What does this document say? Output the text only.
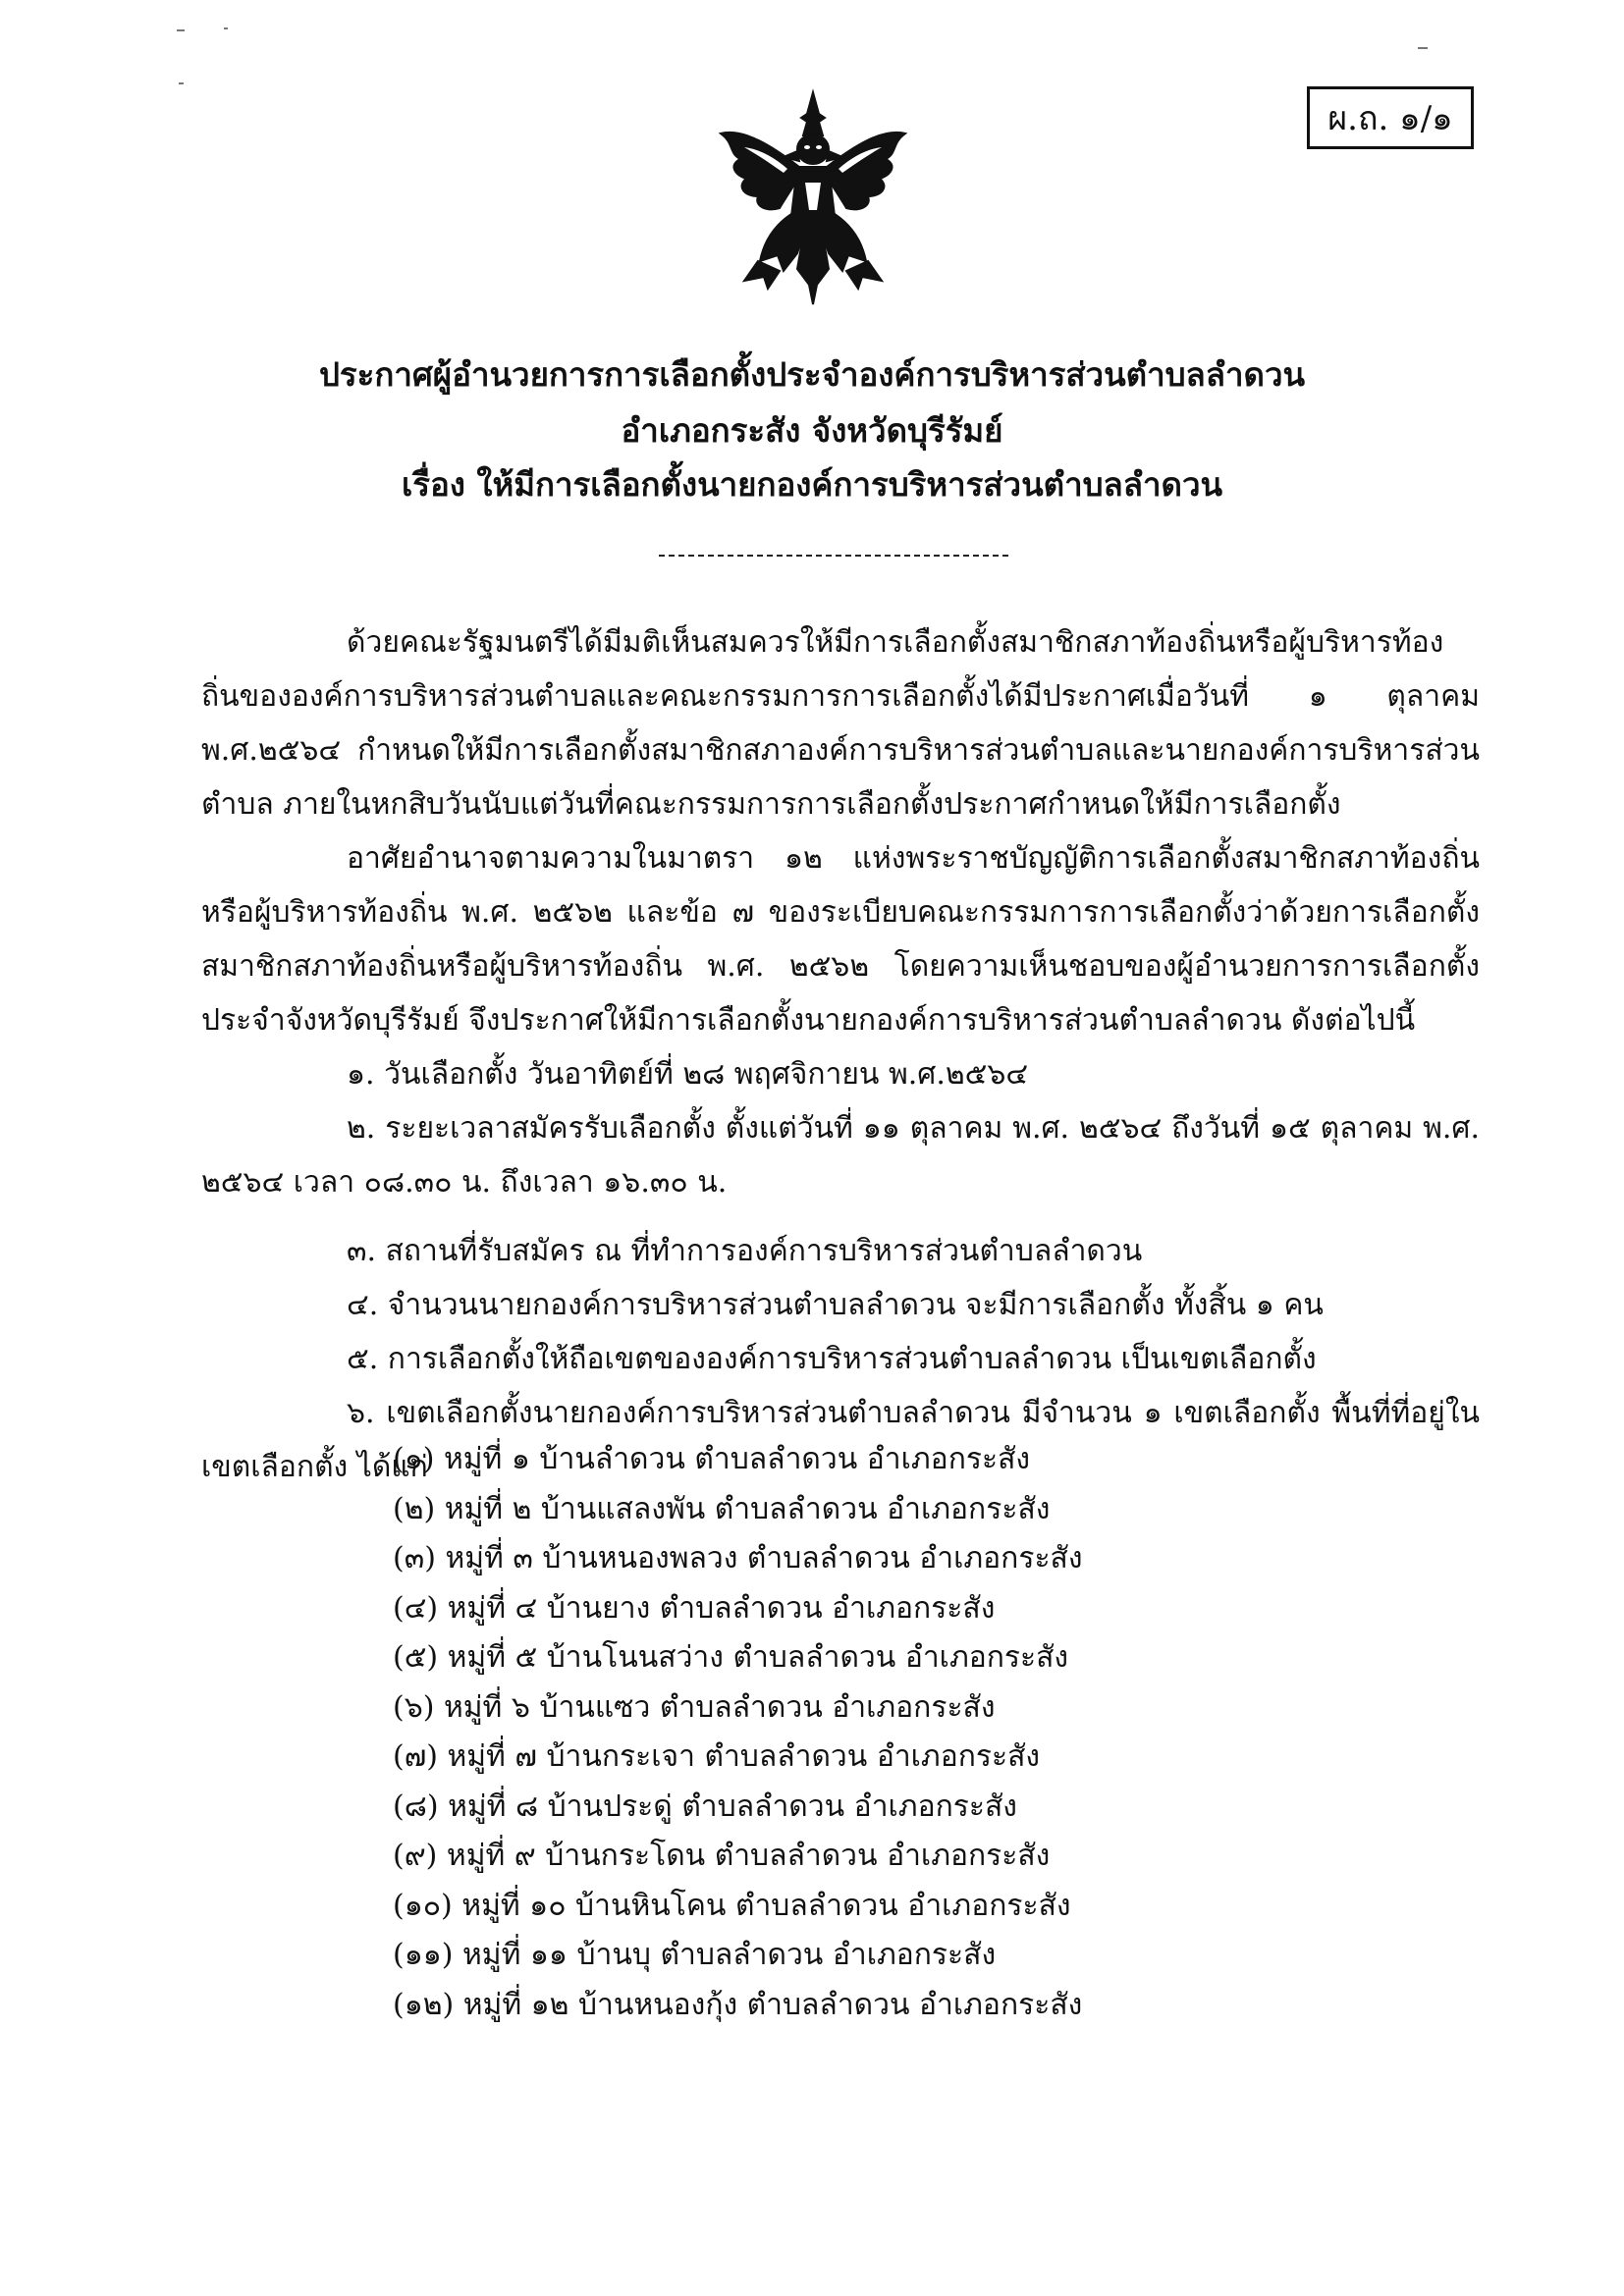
ผ.ถ. ๑/๑
ประกาศผู้อำนวยการการเลือกตั้งประจำองค์การบริหารส่วนตำบลลำดวน
อำเภอกระสัง จังหวัดบุรีรัมย์
เรื่อง ให้มีการเลือกตั้งนายกองค์การบริหารส่วนตำบลลำดวน

ด้วยคณะรัฐมนตรีได้มีมติเห็นสมควรให้มีการเลือกตั้งสมาชิกสภาท้องถิ่นหรือผู้บริหารท้องถิ่นขององค์การบริหารส่วนตำบลและคณะกรรมการการเลือกตั้งได้มีประกาศเมื่อวันที่ ๑ ตุลาคม พ.ศ.๒๕๖๔ กำหนดให้มีการเลือกตั้งสมาชิกสภาองค์การบริหารส่วนตำบลและนายกองค์การบริหารส่วนตำบล ภายในหกสิบวันนับแต่วันที่คณะกรรมการการเลือกตั้งประกาศกำหนดให้มีการเลือกตั้ง

อาศัยอำนาจตามความในมาตรา ๑๒ แห่งพระราชบัญญัติการเลือกตั้งสมาชิกสภาท้องถิ่นหรือผู้บริหารท้องถิ่น พ.ศ. ๒๕๖๒ และข้อ ๗ ของระเบียบคณะกรรมการการเลือกตั้งว่าด้วยการเลือกตั้งสมาชิกสภาท้องถิ่นหรือผู้บริหารท้องถิ่น พ.ศ. ๒๕๖๒ โดยความเห็นชอบของผู้อำนวยการการเลือกตั้งประจำจังหวัดบุรีรัมย์ จึงประกาศให้มีการเลือกตั้งนายกองค์การบริหารส่วนตำบลลำดวน ดังต่อไปนี้

๑. วันเลือกตั้ง วันอาทิตย์ที่ ๒๘ พฤศจิกายน พ.ศ.๒๕๖๔

๒. ระยะเวลาสมัครรับเลือกตั้ง ตั้งแต่วันที่ ๑๑ ตุลาคม พ.ศ. ๒๕๖๔ ถึงวันที่ ๑๕ ตุลาคม พ.ศ. ๒๕๖๔ เวลา ๐๘.๓๐ น. ถึงเวลา ๑๖.๓๐ น.

๓. สถานที่รับสมัคร ณ ที่ทำการองค์การบริหารส่วนตำบลลำดวน

๔. จำนวนนายกองค์การบริหารส่วนตำบลลำดวน จะมีการเลือกตั้ง ทั้งสิ้น ๑ คน

๕. การเลือกตั้งให้ถือเขตขององค์การบริหารส่วนตำบลลำดวน เป็นเขตเลือกตั้ง

๖. เขตเลือกตั้งนายกองค์การบริหารส่วนตำบลลำดวน มีจำนวน ๑ เขตเลือกตั้ง พื้นที่ที่อยู่ในเขตเลือกตั้ง ได้แก่

(๑) หมู่ที่ ๑ บ้านลำดวน ตำบลลำดวน อำเภอกระสัง
(๒) หมู่ที่ ๒ บ้านแสลงพัน ตำบลลำดวน อำเภอกระสัง
(๓) หมู่ที่ ๓ บ้านหนองพลวง ตำบลลำดวน อำเภอกระสัง
(๔) หมู่ที่ ๔ บ้านยาง ตำบลลำดวน อำเภอกระสัง
(๕) หมู่ที่ ๕ บ้านโนนสว่าง ตำบลลำดวน อำเภอกระสัง
(๖) หมู่ที่ ๖ บ้านแซว ตำบลลำดวน อำเภอกระสัง
(๗) หมู่ที่ ๗ บ้านกระเจา ตำบลลำดวน อำเภอกระสัง
(๘) หมู่ที่ ๘ บ้านประดู่ ตำบลลำดวน อำเภอกระสัง
(๙) หมู่ที่ ๙ บ้านกระโดน ตำบลลำดวน อำเภอกระสัง
(๑๐) หมู่ที่ ๑๐ บ้านหินโคน ตำบลลำดวน อำเภอกระสัง
(๑๑) หมู่ที่ ๑๑ บ้านบุ ตำบลลำดวน อำเภอกระสัง
(๑๒) หมู่ที่ ๑๒ บ้านหนองกุ้ง ตำบลลำดวน อำเภอกระสัง
